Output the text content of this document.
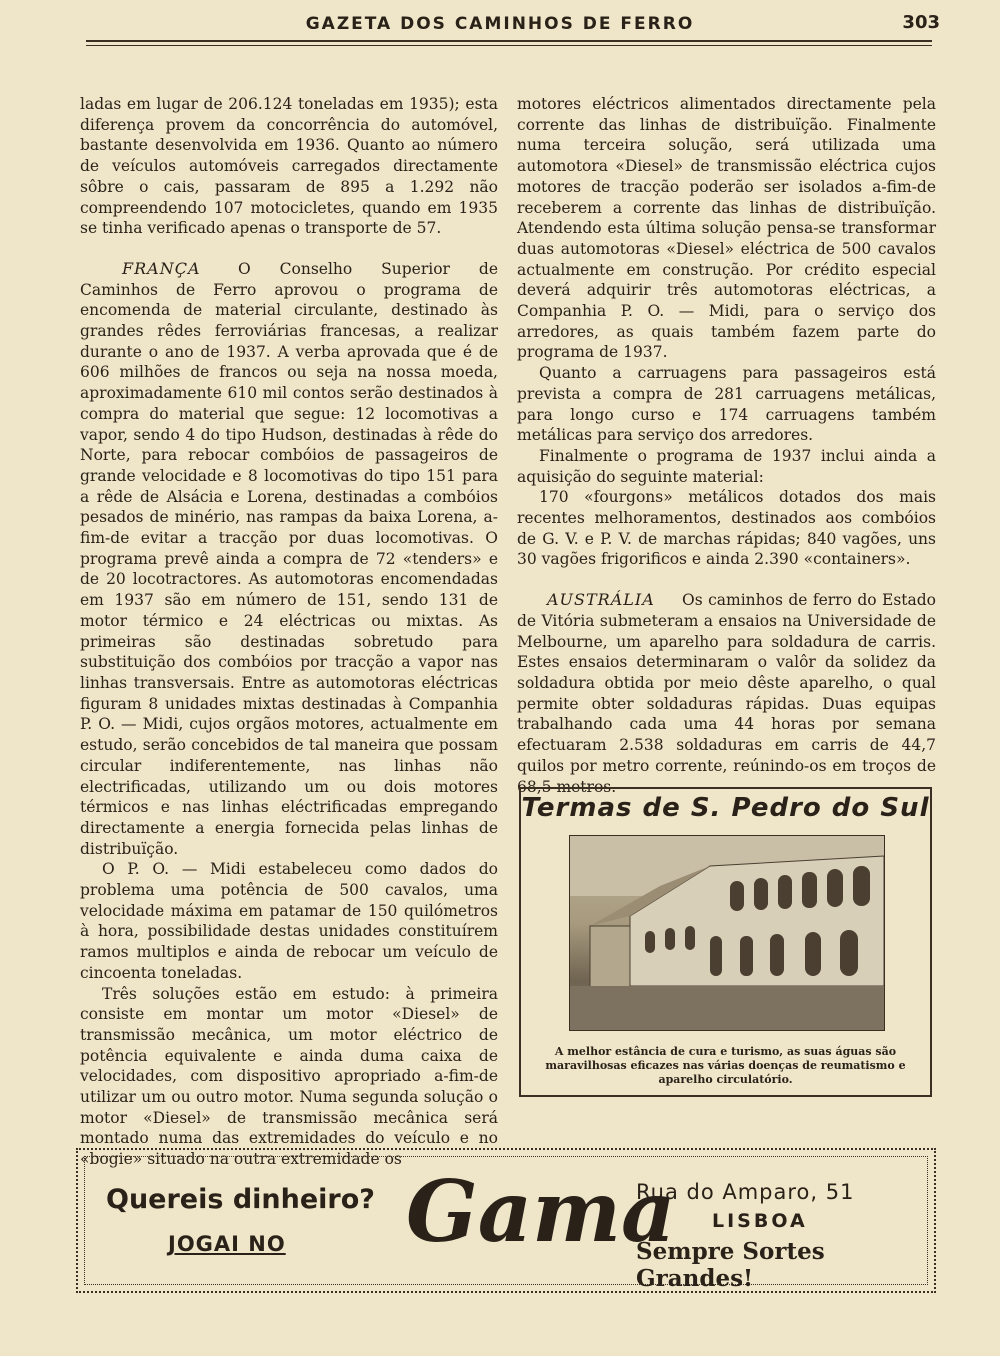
GAZETA DOS CAMINHOS DE FERRO	303

ladas em lugar de 206.124 toneladas em 1935); esta diferença provem da concorrência do automóvel, bastante desenvolvida em 1936. Quanto ao número de veículos automóveis carregados directamente sôbre o cais, passaram de 895 a 1.292 não compreendendo 107 motocicletes, quando em 1935 se tinha verificado apenas o transporte de 57.

FRANÇA	O Conselho Superior de Caminhos de Ferro aprovou o programa de encomenda de material circulante, destinado às grandes rêdes ferroviárias francesas, a realizar durante o ano de 1937. A verba aprovada que é de 606 milhões de francos ou seja na nossa moeda, aproximadamente 610 mil contos serão destinados à compra do material que segue: 12 locomotivas a vapor, sendo 4 do tipo Hudson, destinadas à rêde do Norte, para rebocar combóios de passageiros de grande velocidade e 8 locomotivas do tipo 151 para a rêde de Alsácia e Lorena, destinadas a combóios pesados de minério, nas rampas da baixa Lorena, a-fim-de evitar a tracção por duas locomotivas. O programa prevê ainda a compra de 72 «tenders» e de 20 locotractores. As automotoras encomendadas em 1937 são em número de 151, sendo 131 de motor térmico e 24 eléctricas ou mixtas. As primeiras são destinadas sobretudo para substituição dos combóios por tracção a vapor nas linhas transversais. Entre as automotoras eléctricas figuram 8 unidades mixtas destinadas à Companhia P. O. — Midi, cujos orgãos motores, actualmente em estudo, serão concebidos de tal maneira que possam circular indiferentemente, nas linhas não electrificadas, utilizando um ou dois motores térmicos e nas linhas eléctrificadas empregando directamente a energia fornecida pelas linhas de distribuïção.

O P. O. — Midi estabeleceu como dados do problema uma potência de 500 cavalos, uma velocidade máxima em patamar de 150 quilómetros à hora, possibilidade destas unidades constituírem ramos multiplos e ainda de rebocar um veículo de cincoenta toneladas.

Três soluções estão em estudo: à primeira consiste em montar um motor «Diesel» de transmissão mecânica, um motor eléctrico de potência equivalente e ainda duma caixa de velocidades, com dispositivo apropriado a-fim-de utilizar um ou outro motor. Numa segunda solução o motor «Diesel» de transmissão mecânica será montado numa das extremidades do veículo e no «bogie» situado na outra extremidade os

motores eléctricos alimentados directamente pela corrente das linhas de distribuïção. Finalmente numa terceira solução, será utilizada uma automotora «Diesel» de transmissão eléctrica cujos motores de tracção poderão ser isolados a-fim-de receberem a corrente das linhas de distribuïção. Atendendo esta última solução pensa-se transformar duas automotoras «Diesel» eléctrica de 500 cavalos actualmente em construção. Por crédito especial deverá adquirir três automotoras eléctricas, a Companhia P. O. — Midi, para o serviço dos arredores, as quais também fazem parte do programa de 1937.

Quanto a carruagens para passageiros está prevista a compra de 281 carruagens metálicas, para longo curso e 174 carruagens também metálicas para serviço dos arredores.

Finalmente o programa de 1937 inclui ainda a aquisição do seguinte material:

170 «fourgons» metálicos dotados dos mais recentes melhoramentos, destinados aos combóios de G. V. e P. V. de marchas rápidas; 840 vagões, uns 30 vagões frigorificos e ainda 2.390 «containers».

AUSTRÁLIA	Os caminhos de ferro do Estado de Vitória submeteram a ensaios na Universidade de Melbourne, um aparelho para soldadura de carris. Estes ensaios determinaram o valôr da solidez da soldadura obtida por meio dêste aparelho, o qual permite obter soldaduras rápidas. Duas equipas trabalhando cada uma 44 horas por semana efectuaram 2.538 soldaduras em carris de 44,7 quilos por metro corrente, reúnindo-os em troços de 68,5 metros.

Termas de S. Pedro do Sul
A melhor estância de cura e turismo, as suas águas são maravilhosas eficazes nas várias doenças de reumatismo e aparelho circulatório.
Quereis dinheiro?
JOGAI NO Gama
Rua do Amparo, 51
LISBOA
Sempre Sortes Grandes!
